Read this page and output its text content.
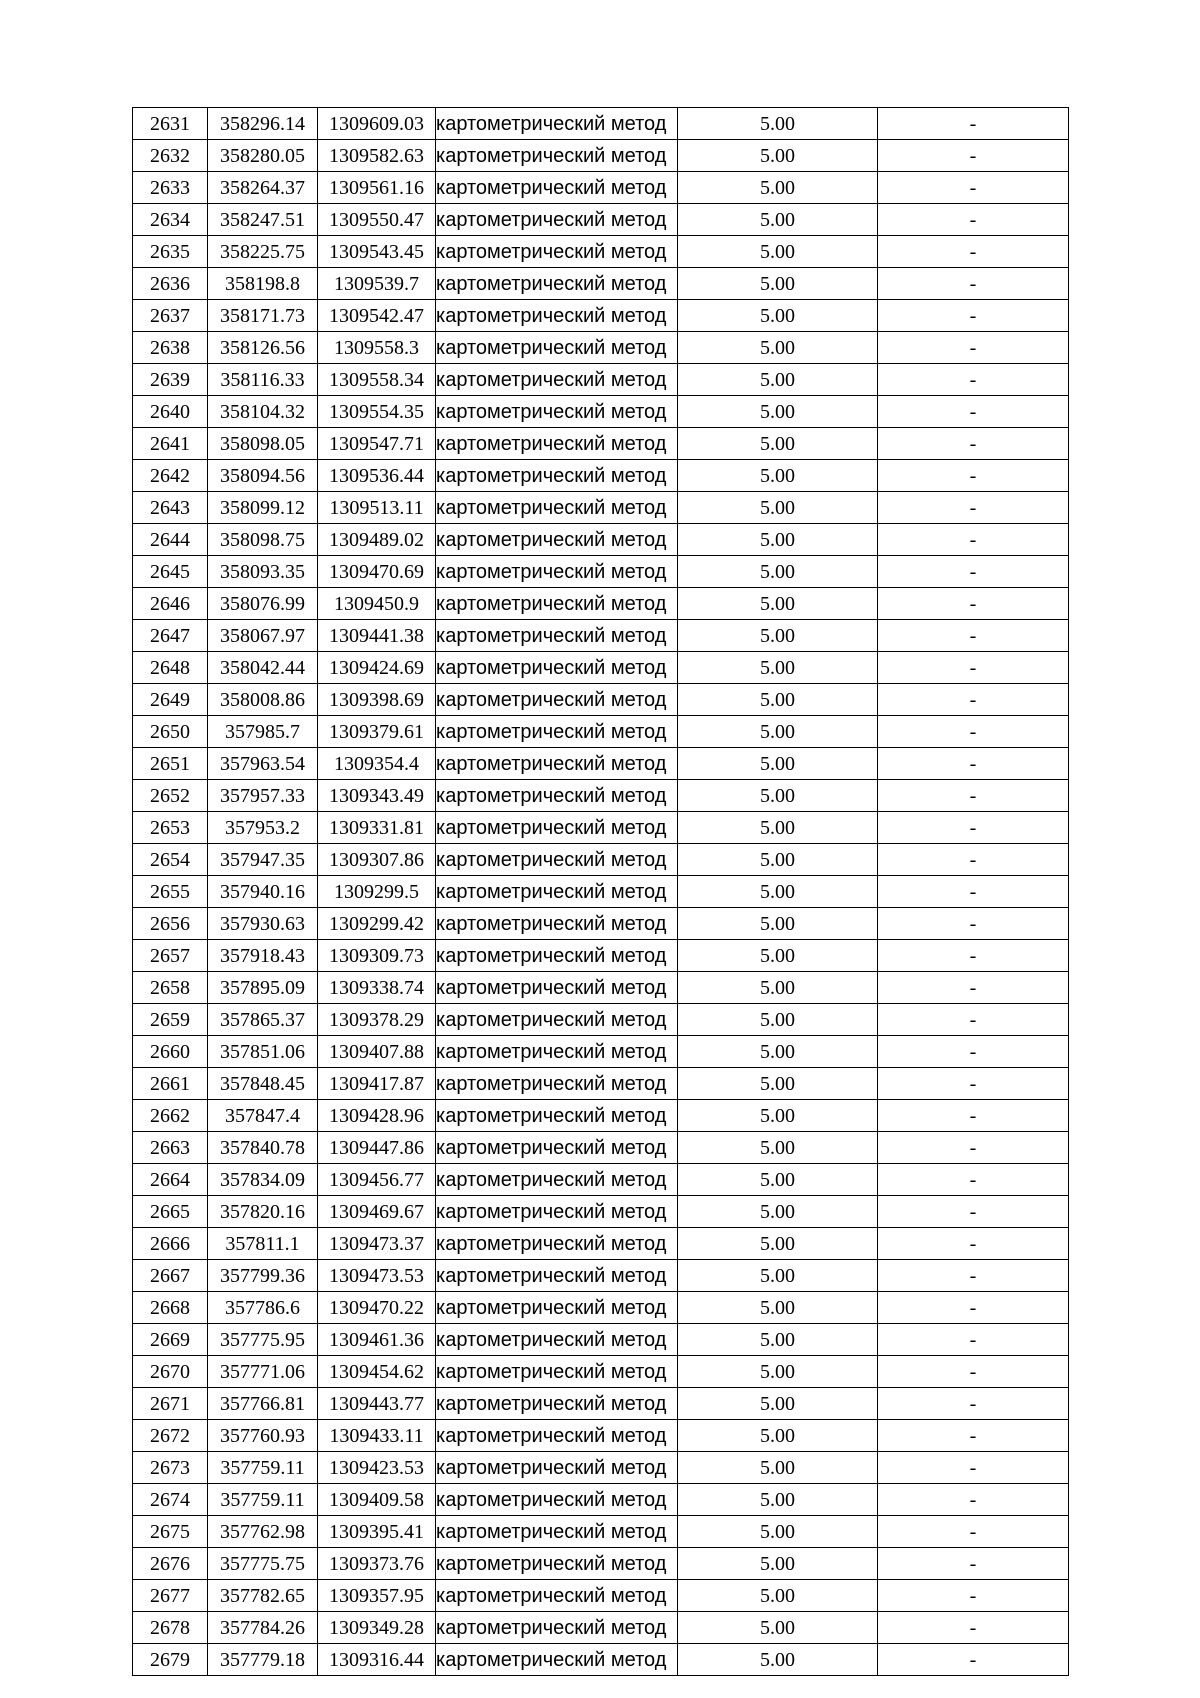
2631	358296.14	1309609.03	картометрический метод	5.00	-
2632	358280.05	1309582.63	картометрический метод	5.00	-
2633	358264.37	1309561.16	картометрический метод	5.00	-
2634	358247.51	1309550.47	картометрический метод	5.00	-
2635	358225.75	1309543.45	картометрический метод	5.00	-
2636	358198.8	1309539.7	картометрический метод	5.00	-
2637	358171.73	1309542.47	картометрический метод	5.00	-
2638	358126.56	1309558.3	картометрический метод	5.00	-
2639	358116.33	1309558.34	картометрический метод	5.00	-
2640	358104.32	1309554.35	картометрический метод	5.00	-
2641	358098.05	1309547.71	картометрический метод	5.00	-
2642	358094.56	1309536.44	картометрический метод	5.00	-
2643	358099.12	1309513.11	картометрический метод	5.00	-
2644	358098.75	1309489.02	картометрический метод	5.00	-
2645	358093.35	1309470.69	картометрический метод	5.00	-
2646	358076.99	1309450.9	картометрический метод	5.00	-
2647	358067.97	1309441.38	картометрический метод	5.00	-
2648	358042.44	1309424.69	картометрический метод	5.00	-
2649	358008.86	1309398.69	картометрический метод	5.00	-
2650	357985.7	1309379.61	картометрический метод	5.00	-
2651	357963.54	1309354.4	картометрический метод	5.00	-
2652	357957.33	1309343.49	картометрический метод	5.00	-
2653	357953.2	1309331.81	картометрический метод	5.00	-
2654	357947.35	1309307.86	картометрический метод	5.00	-
2655	357940.16	1309299.5	картометрический метод	5.00	-
2656	357930.63	1309299.42	картометрический метод	5.00	-
2657	357918.43	1309309.73	картометрический метод	5.00	-
2658	357895.09	1309338.74	картометрический метод	5.00	-
2659	357865.37	1309378.29	картометрический метод	5.00	-
2660	357851.06	1309407.88	картометрический метод	5.00	-
2661	357848.45	1309417.87	картометрический метод	5.00	-
2662	357847.4	1309428.96	картометрический метод	5.00	-
2663	357840.78	1309447.86	картометрический метод	5.00	-
2664	357834.09	1309456.77	картометрический метод	5.00	-
2665	357820.16	1309469.67	картометрический метод	5.00	-
2666	357811.1	1309473.37	картометрический метод	5.00	-
2667	357799.36	1309473.53	картометрический метод	5.00	-
2668	357786.6	1309470.22	картометрический метод	5.00	-
2669	357775.95	1309461.36	картометрический метод	5.00	-
2670	357771.06	1309454.62	картометрический метод	5.00	-
2671	357766.81	1309443.77	картометрический метод	5.00	-
2672	357760.93	1309433.11	картометрический метод	5.00	-
2673	357759.11	1309423.53	картометрический метод	5.00	-
2674	357759.11	1309409.58	картометрический метод	5.00	-
2675	357762.98	1309395.41	картометрический метод	5.00	-
2676	357775.75	1309373.76	картометрический метод	5.00	-
2677	357782.65	1309357.95	картометрический метод	5.00	-
2678	357784.26	1309349.28	картометрический метод	5.00	-
2679	357779.18	1309316.44	картометрический метод	5.00	-
